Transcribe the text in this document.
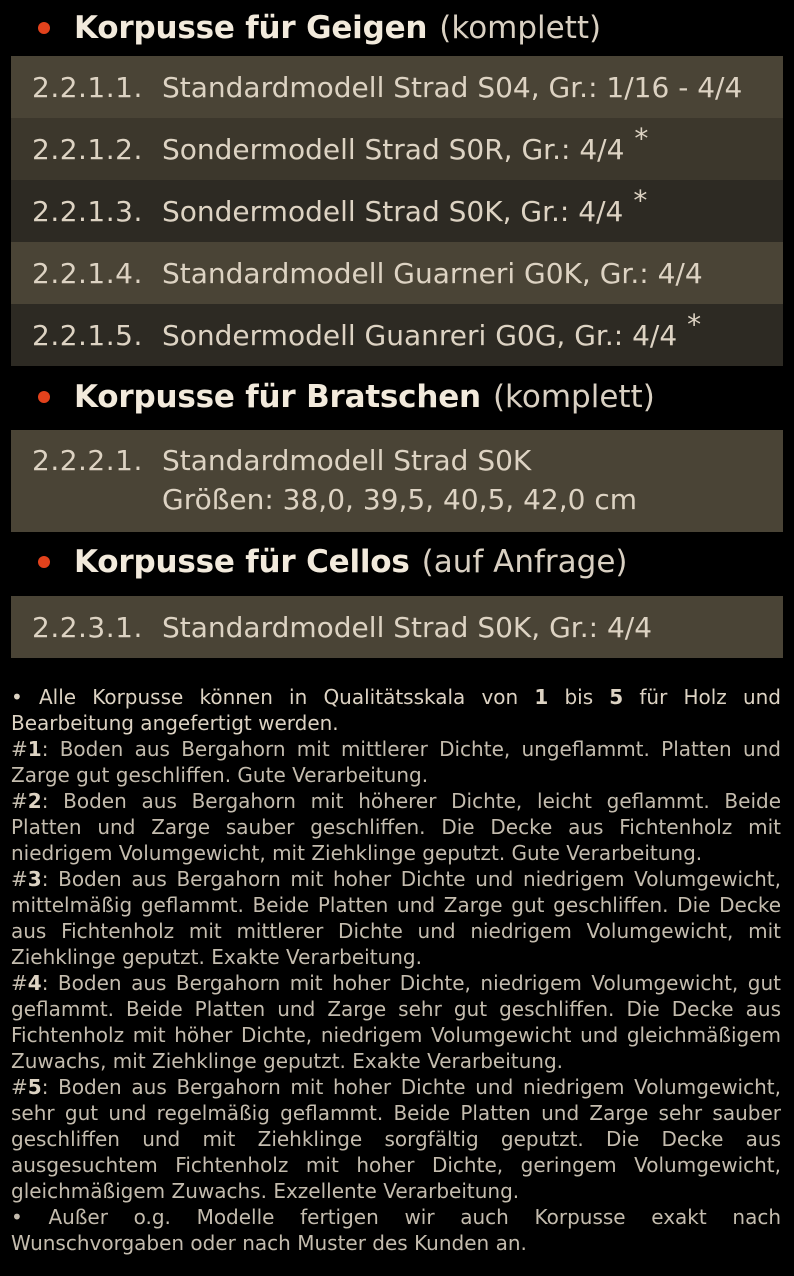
Korpusse für Geigen (komplett)
2.2.1.1. Standardmodell Strad S04, Gr.: 1/16 - 4/4
2.2.1.2. Sondermodell Strad S0R, Gr.: 4/4 *
2.2.1.3. Sondermodell Strad S0K, Gr.: 4/4 *
2.2.1.4. Standardmodell Guarneri G0K, Gr.: 4/4
2.2.1.5. Sondermodell Guanreri G0G, Gr.: 4/4 *
Korpusse für Bratschen (komplett)
2.2.2.1. Standardmodell Strad S0K
Größen: 38,0, 39,5, 40,5, 42,0 cm
Korpusse für Cellos (auf Anfrage)
2.2.3.1. Standardmodell Strad S0K, Gr.: 4/4

• Alle Korpusse können in Qualitätsskala von 1 bis 5 für Holz und Bearbeitung angefertigt werden.

#1: Boden aus Bergahorn mit mittlerer Dichte, ungeflammt. Platten und Zarge gut geschliffen. Gute Verarbeitung.

#2: Boden aus Bergahorn mit höherer Dichte, leicht geflammt. Beide Platten und Zarge sauber geschliffen. Die Decke aus Fichtenholz mit niedrigem Volumgewicht, mit Ziehklinge geputzt. Gute Verarbeitung.

#3: Boden aus Bergahorn mit hoher Dichte und niedrigem Volumgewicht, mittelmäßig geflammt. Beide Platten und Zarge gut geschliffen. Die Decke aus Fichtenholz mit mittlerer Dichte und niedrigem Volumgewicht, mit Ziehklinge geputzt. Exakte Verarbeitung.

#4: Boden aus Bergahorn mit hoher Dichte, niedrigem Volumgewicht, gut geflammt. Beide Platten und Zarge sehr gut geschliffen. Die Decke aus Fichtenholz mit höher Dichte, niedrigem Volumgewicht und gleichmäßigem Zuwachs, mit Ziehklinge geputzt. Exakte Verarbeitung.

#5: Boden aus Bergahorn mit hoher Dichte und niedrigem Volumgewicht, sehr gut und regelmäßig geflammt. Beide Platten und Zarge sehr sauber geschliffen und mit Ziehklinge sorgfältig geputzt. Die Decke aus ausgesuchtem Fichtenholz mit hoher Dichte, geringem Volumgewicht, gleichmäßigem Zuwachs. Exzellente Verarbeitung.

• Außer o.g. Modelle fertigen wir auch Korpusse exakt nach Wunschvorgaben oder nach Muster des Kunden an.
